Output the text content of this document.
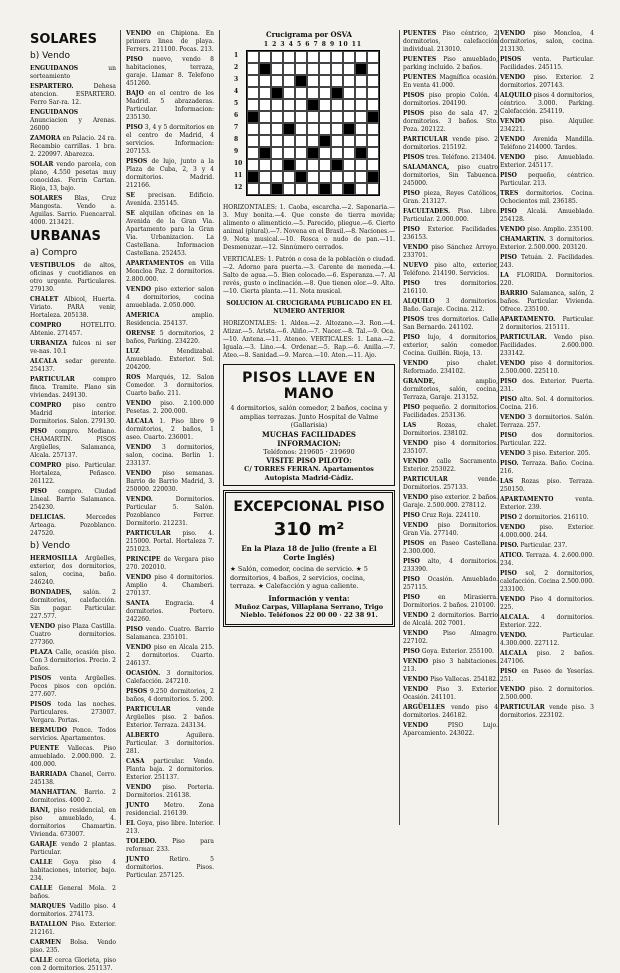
SOLARES
b) Vendo

ENGUIDANOS un sorteamiento

ESPARTERO. Dehesa atencion. ESPARTERO. Ferro Sar-ra. 12.

ENGUIDANOS Anunciacion y Arenas. 26000

ZAMORA en Palacio. 24 ra. Recambio carrillas. 1 bra. 2. 220997. Abarezca.

SOLAR vendo parcela, con plano, 4.550 pesetas muy conocidas. Ferrin Cartan. Rioja, 13, bajo.

SOLARES Blas, Cruz Mangosta. Vendo a. Aguilas. Sarrio. Fuencarral. 4000. 213421.

URBANAS
a) Compro

VESTIBULOS de altos, oficinas y cuotidianos en otro urgente. Particulares. 279130.

CHALET Albicol, Huerta. Viriato. PARA venir, Hortaleza. 205138.

COMPRO HOTELITO. Abtenie. 271457.

URBANIZA fulcos ni ser ve-nas. 10.1

ALCALA sedar gerente. 254137.

PARTICULAR compro finca. Tramite. Plano sin viviendas. 249130.

COMPRO piso centro Madrid interior. Dormitorios. Salon. 279130.

PISO compro. Mediano. CHAMARTIN. PISOS Argüelles, Salamanca, Alcala. 257137.

COMPRO piso. Particular. Hortaleza, Peñasco. 261122.

PISO compro. Ciudad Lineal. Barrio Salamanca. 254230.

DELICIAS. Mercedes Arteaga. Pozoblanco. 247520.

b) Vendo

HERMOSILLA Argüelles, exterior, dos dormitorios, salon, cocina, baño. 246240.

BONDADES, salón. 2 dormitorios, calefacción. Sin pagar. Particular. 227.577.

VENDO piso Plaza Castilla. Cuatro dormitorios. 277360.

PLAZA Calle, ocasión piso. Con 3 dormitorios. Precio. 2 baños.

PISOS venta Argüelles. Pocos pisos con opción. 277.607.

PISOS toda las noches. Particulares. 273007. Vergara. Portas.

BERMUDO Ponce. Todos servicios. Apartamentos.

PUENTE Vallecas. Piso amueblado. 2.000.000. 2. 400.000.

BARRIADA Chanel, Cerro. 245138.

MANHATTAN. Barrio. 2 dormitorios. 4000 2.

BANI, piso residencial, en piso amueblado, 4. dormitorios Chamartin. Vivienda. 673007.

GARAJE vendo 2 plantas. Particular.

CALLE Goya piso 4 habitaciones, interior, bajo. 234.

CALLE General Mola. 2 baños.

MARQUES Vadillo piso. 4 dormitorios. 274173.

BATALLON Piso. Exterior. 212161.

CARMEN Bolsa. Vendo piso. 235.

CALLE cerca Glorieta, piso con 2 dormitorios. 251137.

VENDO en Chipiona. En primera linea de playa. Ferrers. 211100. Pocas. 213.

PISO nuevo, vendo 8 habitaciones, terraza, garaje. Llamar 8. Telefono 451260.

BAJO en el centro de los Madrid. 5 abrazaderas. Particular. Informacion: 235130.

PISO 3, 4 y 5 dormitorios en el centro de Madrid, 4 servicios. Informacion: 207153.

PISOS de lujo, junto a la Plaza de Cuba, 2, 3 y 4 dormitorios. Madrid. 212166.

SE precisan. Edificio. Avenida. 235145.

SE alquilan oficinas en la Avenida de la Gran Via. Apartamento para la Gran Via. Urbanizacion. La Castellana. Informacion Castellana. 252453.

APARTAMENTOS en Villa Moncloa Paz. 2 dormitorios. 2.800.000.

VENDO piso exterior salon 4 dormitorios, cocina amueblada. 2.050.000.

AMERICA amplio. Residencia. 254137.

ORENSE 5 dormitorios, 2 baños, Parking. 234220.

LUZ Mendizabal. Amueblado. Exterior. Sol. 204200.

ROS Marqués, 12. Salon Comedor. 3 dormitorios. Cuarto baño. 211.

VENDO piso. 2.100.000 Pesetas. 2. 200.000.

ALCALA 1. Piso libre 9 dormitorios, 2 baños, 1 aseo. Cuarto. 236001.

VENDO 3 dormitorios, salon, cocina. Berlin 1. 233137.

VENDO piso semanas. Barrio de Barrio Madrid, 3. 250000. 220030.

VENDO. Dormitorios. Particular 5. Salón. Pozoblanco Ferrer. Dormitorio. 212231.

PARTICULAR piso. 4. 215000. Portal. Hortaleza 7. 251023.

PRINCIPE de Vergara piso 270. 202010.

VENDO piso 4 dormitorios. Amplio 4. Chamberi. 270137.

SANTA Engracia. 4 dormitorios. Portero. 242260.

PISO vendo. Cuatro. Barrio Salamanca. 235101.

VENDO piso en Alcala 215. 2 dormitorios. Cuarto. 246137.

OCASIÓN. 3 dormitorios. Calefacción. 247210.

PISOS 9.250 dormitorios, 2 baños, 4 dormitorios. 5. 200.

PARTICULAR vende Argüelles piso. 2 baños. Exterior. Terraza. 243134.

ALBERTO Aguilera. Particular. 3 dormitorios. 281.

CASA particular. Vendo. Planta baja. 2 dormitorios. Exterior. 251137.

VENDO piso. Porteria. Dormitorios. 216138.

JUNTO Metro. Zona residencial. 216139.

EL Goya, piso libre. Interior. 213.

TOLEDO. Piso para reformar. 233.

JUNTO Retiro. 5 dormitorios. Pisos. Particular. 257125.

Crucigrama por OSVA
1 2 3 4 5 6 7 8 9 10 11
1
2
3
4
5
6
7
8
9
10
11
12
HORIZONTALES: 1. Caoba, escarcha.—2. Saponaria.—3. Muy bonita.—4. Que conste de tierra movida; alimento o alimenticio.—5. Parecido, pliegue.—6. Cierto animal (plural).—7. Novena en el Brasil.—8. Naciones.—9. Nota musical.—10. Rosca o nudo de pan.—11. Desmenuzar.—12. Sinnúmero cerrados.
VERTICALES: 1. Patrón o cosa de la población o ciudad.—2. Adorno para puerta.—3. Carente de moneda.—4. Salto de agua.—5. Bien colocado.—6. Esperanza.—7. Al revés, gusto o inclinación.—8. Que tienen olor.—9. Alto.—10. Cierta planta.—11. Nota musical.
SOLUCION AL CRUCIGRAMA PUBLICADO EN EL NUMERO ANTERIOR
HORIZONTALES: 1. Aldea.—2. Altozano.—3. Ron.—4. Atizar.—5. Arista.—6. Aliño.—7. Nacer.—8. Tal.—9. Oca.—10. Antena.—11. Ateneo. VERTICALES: 1. Lana.—2. Iguala.—3. Lino.—4. Ordenar.—5. Rap.—6. Anilla.—7. Ateo.—8. Sanidad.—9. Marca.—10. Aten.—11. Ajo.
PISOS LLAVE EN MANO
4 dormitorios, salón comedor, 2 baños, cocina y amplias terrazas. Junto Hospital de Valme (Gallarisia)
MUCHAS FACILIDADES
INFORMACION:
Teléfonos: 219605 · 219690
VISITE PISO PILOTO:
C/ TORRES FERRAN. Apartamentos Autopista Madrid-Cádiz.
EXCEPCIONAL PISO
310 m²
En la Plaza 18 de Julio (frente a El Corte Inglés)
★ Salón, comedor, cocina de servicio. ★ 5 dormitorios, 4 baños, 2 servicios, cocina, terraza. ★ Calefacción y agua caliente.
Información y venta:
Muñoz Carpas, Villaplana Serrano, Trigo Nieblo. Teléfonos 22 00 00 · 22 38 91.

PUENTES Piso céntrico, 2 dormitorios, calefacción individual. 213010.

PUENTES Piso amueblado, parking incluido. 2 baños.

PUENTES Magnífica ocasión. En venta 41.000.

PISOS piso propio Colón. 4 dormitorios. 204190.

PISOS piso de sala 47. 2 dormitorios. 3 baños. Sto. Poza. 202122.

PARTICULAR vende piso. 2 dormitorios. 215192.

PISOS tres. Teléfono. 213404.

SALAMANCA, piso cuatro dormitorios, Sin Tabuenca. 245000.

PISO pieza, Reyes Católicos, Gran. 213127.

FACULTADES. Piso. Libre. Particular. 2.000.000.

PISO Exterior. Facilidades. 236153.

VENDO piso Sánchez Arroyo. 233701.

NUEVO piso alto, exterior, Teléfono. 214190. Servicios.

PISO tres dormitorios. 216110.

ALQUILO 3 dormitorios. Baño. Garaje. Cocina. 212.

PISOS tres dormitorios. Calle San Bernardo. 241102.

PISO lujo, 4 dormitorios, exterior, salón comedor. Cocina. Guillén. Rioja, 13.

VENDO piso chalet. Reformado. 234102.

GRANDE, amplio, dormitorios, salón, cocina, Terraza, Garaje. 213152.

PISO pequeño. 2 dormitorios. Facilidades. 253136.

LAS Rozas, chalet. Dormitorios. 238102.

VENDO piso 4 dormitorios. 235107.

VENDO calle Sacramento. Exterior. 253022.

PARTICULAR vende. Dormitorios. 257133.

VENDO piso exterior. 2 baños. Garaje. 2.500.000. 278112.

PISO Cruz Roja. 224110.

VENDO piso Dormitorios. Gran Vía. 277140.

PISOS en Paseo Castellana. 2.300.000.

PISO alto, 4 dormitorios. 233390.

PISO Ocasión. Amueblado. 257115.

PISO en Mirasierra. Dormitorios. 2 baños. 210100.

VENDO 2 dormitorios. Barrio de Alcalá. 202 7001.

VENDO Piso Almagro. 227102.

PISO Goya. Exterior. 255100.

VENDO piso 3 habitaciones. 213.

VENDO Piso Vallecas. 254182.

VENDO Piso 3. Exterior. Ocasión. 241101.

ARGÜELLES vendo piso 4 dormitorios. 246182.

VENDO PISO Lujo. Aparcamiento. 243022.

VENDO piso Moncloa, 4 dormitorios, salon, cocina. 213130.

PISOS venta. Particular. Facilidades. 245115.

VENDO piso. Exterior. 2 dormitorios. 207143.

ALQUILO pisos 4 dormitorios, céntrico. 3.000. Parking. Calefacción. 254119.

VENDO piso. Alquiler. 234221.

VENDO Avenida Mandilla. Teléfono 214000. Tardes.

VENDO piso. Amueblado. Exterior. 245117.

PISO pequeño, céntrico. Particular. 213.

TRES dormitorios. Cocina. Ochocientos mil. 236185.

PISO Alcalá. Amueblado. 254128.

VENDO piso. Amplio. 235100.

CHAMARTIN. 3 dormitorios. Exterior. 2.500.000. 203120.

PISO Tetuán. 2. Facilidades. 243.

LA FLORIDA. Dormitorios. 220.

BARRIO Salamanca, salón, 2 baños. Particular. Vivienda. Ofrece. 235100.

APARTAMENTO. Particular. 2 dormitorios. 215111.

PARTICULAR. Vendo piso. Facilidades. 2.600.000. 233142.

VENDO piso 4 dormitorios. 2.500.000. 225110.

PISO dos. Exterior. Puerta. 231.

PISO alto. Sol. 4 dormitorios. Cocina. 216.

VENDO 3 dormitorios. Salón. Terraza. 257.

PISO dos dormitorios. Particular. 222.

VENDO 3 piso. Exterior. 205.

PISO. Terraza. Baño. Cocina. 216.

LAS Rozas piso. Terraza. 250150.

APARTAMENTO venta. Exterior. 239.

PISO 2 dormitorios. 216110.

VENDO piso. Exterior. 4.000.000. 244.

PISO. Particular. 237.

ATICO. Terraza. 4. 2.600.000. 234.

PISO sol, 2 dormitorios, calefacción. Cocina 2.500.000. 233100.

VENDO Piso 4 dormitorios. 225.

ALCALA. 4 dormitorios. Exterior. 222.

VENDO. Particular. 4.300.000. 227112.

ALCALA piso. 2 baños. 247106.

PISO en Paseo de Yeserías. 251.

VENDO piso. 2 dormitorios. 2.500.000.

PARTICULAR vende piso. 3 dormitorios. 223102.
